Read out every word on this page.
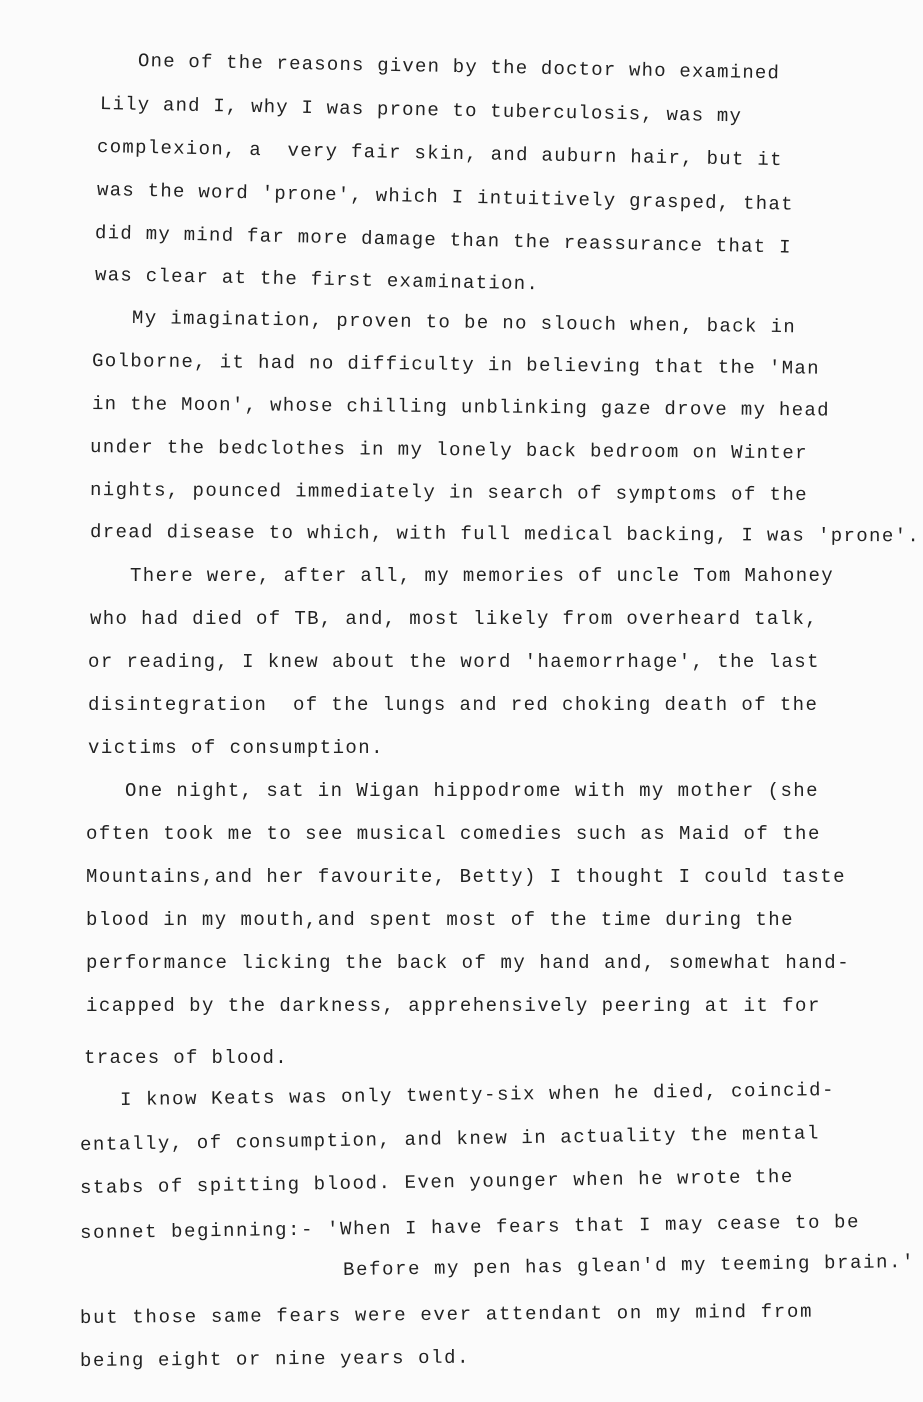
One of the reasons given by the doctor who examined
Lily and I, why I was prone to tuberculosis, was my
complexion, a  very fair skin, and auburn hair, but it
was the word 'prone', which I intuitively grasped, that
did my mind far more damage than the reassurance that I
was clear at the first examination.
My imagination, proven to be no slouch when, back in
Golborne, it had no difficulty in believing that the 'Man
in the Moon', whose chilling unblinking gaze drove my head
under the bedclothes in my lonely back bedroom on Winter
nights, pounced immediately in search of symptoms of the
dread disease to which, with full medical backing, I was 'prone'.
There were, after all, my memories of uncle Tom Mahoney
who had died of TB, and, most likely from overheard talk,
or reading, I knew about the word 'haemorrhage', the last
disintegration  of the lungs and red choking death of the
victims of consumption.
One night, sat in Wigan hippodrome with my mother (she
often took me to see musical comedies such as Maid of the
Mountains,and her favourite, Betty) I thought I could taste
blood in my mouth,and spent most of the time during the
performance licking the back of my hand and, somewhat hand-
icapped by the darkness, apprehensively peering at it for
traces of blood.
I know Keats was only twenty-six when he died, coincid-
entally, of consumption, and knew in actuality the mental
stabs of spitting blood. Even younger when he wrote the
sonnet beginning:- 'When I have fears that I may cease to be
Before my pen has glean'd my teeming brain.'
but those same fears were ever attendant on my mind from
being eight or nine years old.
